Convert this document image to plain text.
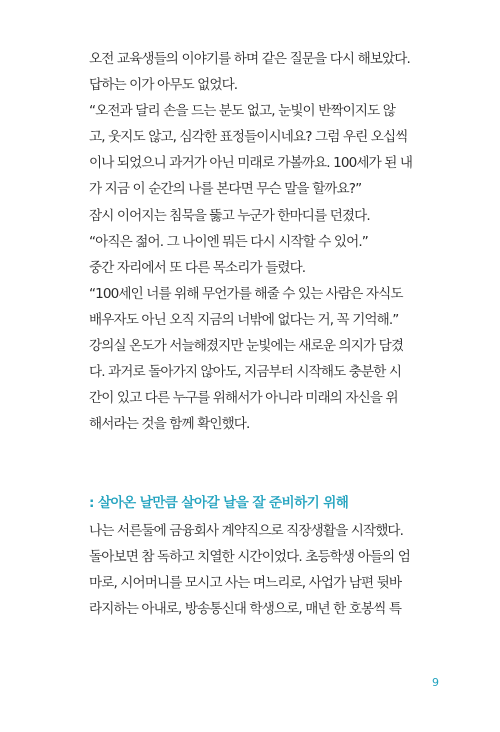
오전 교육생들의 이야기를 하며 같은 질문을 다시 해보았다.
답하는 이가 아무도 없었다.
“오전과 달리 손을 드는 분도 없고, 눈빛이 반짝이지도 않
고, 웃지도 않고, 심각한 표정들이시네요? 그럼 우린 오십씩
이나 되었으니 과거가 아닌 미래로 가볼까요. 100세가 된 내
가 지금 이 순간의 나를 본다면 무슨 말을 할까요?”
잠시 이어지는 침묵을 뚫고 누군가 한마디를 던졌다.
“아직은 젊어. 그 나이엔 뭐든 다시 시작할 수 있어.”
중간 자리에서 또 다른 목소리가 들렸다.
“100세인 너를 위해 무언가를 해줄 수 있는 사람은 자식도
배우자도 아닌 오직 지금의 너밖에 없다는 거, 꼭 기억해.”
강의실 온도가 서늘해졌지만 눈빛에는 새로운 의지가 담겼
다. 과거로 돌아가지 않아도, 지금부터 시작해도 충분한 시
간이 있고 다른 누구를 위해서가 아니라 미래의 자신을 위
해서라는 것을 함께 확인했다.
: 살아온 날만큼 살아갈 날을 잘 준비하기 위해
나는 서른둘에 금융회사 계약직으로 직장생활을 시작했다.
돌아보면 참 독하고 치열한 시간이었다. 초등학생 아들의 엄
마로, 시어머니를 모시고 사는 며느리로, 사업가 남편 뒷바
라지하는 아내로, 방송통신대 학생으로, 매년 한 호봉씩 특
9
